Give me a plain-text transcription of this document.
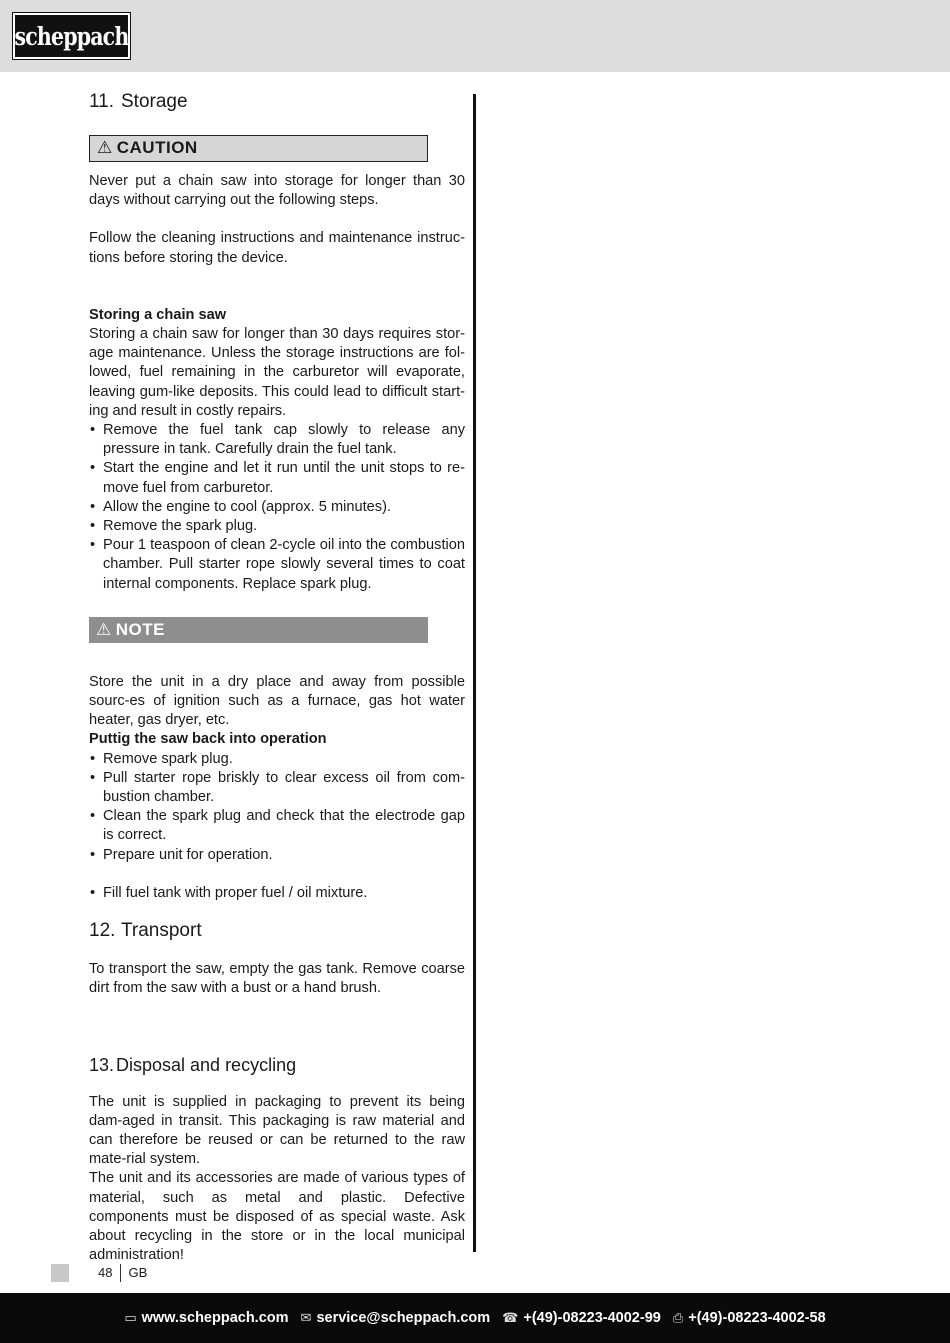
scheppach
11. Storage
⚠ CAUTION

Never put a chain saw into storage for longer than 30 days without carrying out the following steps.

Follow the cleaning instructions and maintenance instruc-tions before storing the device.

Storing a chain saw

Storing a chain saw for longer than 30 days requires stor-age maintenance. Unless the storage instructions are fol-lowed, fuel remaining in the carburetor will evaporate, leaving gum-like deposits. This could lead to difficult start-ing and result in costly repairs.

• Remove the fuel tank cap slowly to release any pressure in tank. Carefully drain the fuel tank.
• Start the engine and let it run until the unit stops to re-move fuel from carburetor.
• Allow the engine to cool (approx. 5 minutes).
• Remove the spark plug.
• Pour 1 teaspoon of clean 2-cycle oil into the combustion chamber. Pull starter rope slowly several times to coat internal components. Replace spark plug.
⚠ NOTE

Store the unit in a dry place and away from possible sourc-es of ignition such as a furnace, gas hot water heater, gas dryer, etc.

Puttig the saw back into operation

• Remove spark plug.
• Pull starter rope briskly to clear excess oil from com-bustion chamber.
• Clean the spark plug and check that the electrode gap is correct.
• Prepare unit for operation.
• Fill fuel tank with proper fuel / oil mixture.
12. Transport

To transport the saw, empty the gas tank. Remove coarse dirt from the saw with a bust or a hand brush.

13. Disposal and recycling

The unit is supplied in packaging to prevent its being dam-aged in transit. This packaging is raw material and can therefore be reused or can be returned to the raw mate-rial system.

The unit and its accessories are made of various types of material, such as metal and plastic. Defective components must be disposed of as special waste. Ask about recycling in the store or in the local municipal administration!

48 GB
▭ www.scheppach.com ✉ service@scheppach.com ☎ +(49)-08223-4002-99 ⎙ +(49)-08223-4002-58
